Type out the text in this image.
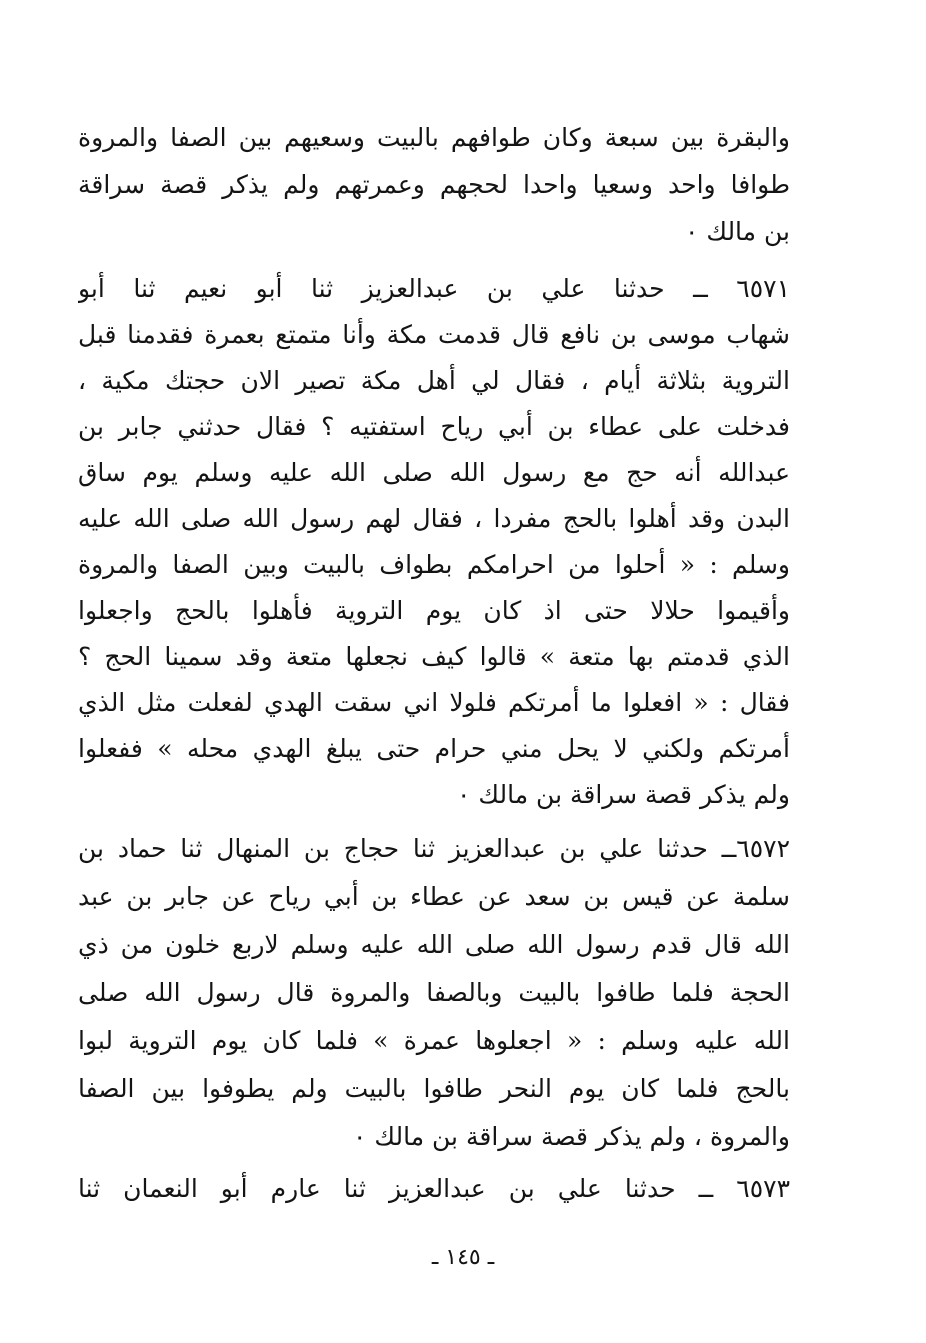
والبقرة بين سبعة وكان طوافهم بالبيت وسعيهم بين الصفا والمروة
طوافا واحد وسعيا واحدا لحجهم وعمرتهم ولم يذكر قصة سراقة
بن مالك ٠
٦٥٧١ ــ حدثنا علي بن عبدالعزيز ثنا أبو نعيم ثنا أبو
شهاب موسى بن نافع قال قدمت مكة وأنا متمتع بعمرة فقدمنا قبل
التروية بثلاثة أيام ، فقال لي أهل مكة تصير الان حجتك مكية ،
فدخلت على عطاء بن أبي رياح استفتيه ؟ فقال حدثني جابر بن
عبدالله أنه حج مع رسول الله صلى الله عليه وسلم يوم ساق
البدن وقد أهلوا بالحج مفردا ، فقال لهم رسول الله صلى الله عليه
وسلم : « أحلوا من احرامكم بطواف بالبيت وبين الصفا والمروة
وأقيموا حلالا حتى اذ كان يوم التروية فأهلوا بالحج واجعلوا
الذي قدمتم بها متعة » قالوا كيف نجعلها متعة وقد سمينا الحج ؟
فقال : « افعلوا ما أمرتكم فلولا اني سقت الهدي لفعلت مثل الذي
أمرتكم ولكني لا يحل مني حرام حتى يبلغ الهدي محله » ففعلوا
ولم يذكر قصة سراقة بن مالك ٠
٦٥٧٢ــ حدثنا علي بن عبدالعزيز ثنا حجاج بن المنهال ثنا حماد بن
سلمة عن قيس بن سعد عن عطاء بن أبي رياح عن جابر بن عبد
الله قال قدم رسول الله صلى الله عليه وسلم لاربع خلون من ذي
الحجة فلما طافوا بالبيت وبالصفا والمروة قال رسول الله صلى
الله عليه وسلم : « اجعلوها عمرة » فلما كان يوم التروية لبوا
بالحج فلما كان يوم النحر طافوا بالبيت ولم يطوفوا بين الصفا
والمروة ، ولم يذكر قصة سراقة بن مالك ٠
٦٥٧٣ ــ حدثنا علي بن عبدالعزيز ثنا عارم أبو النعمان ثنا
ـ ١٤٥ ـ
